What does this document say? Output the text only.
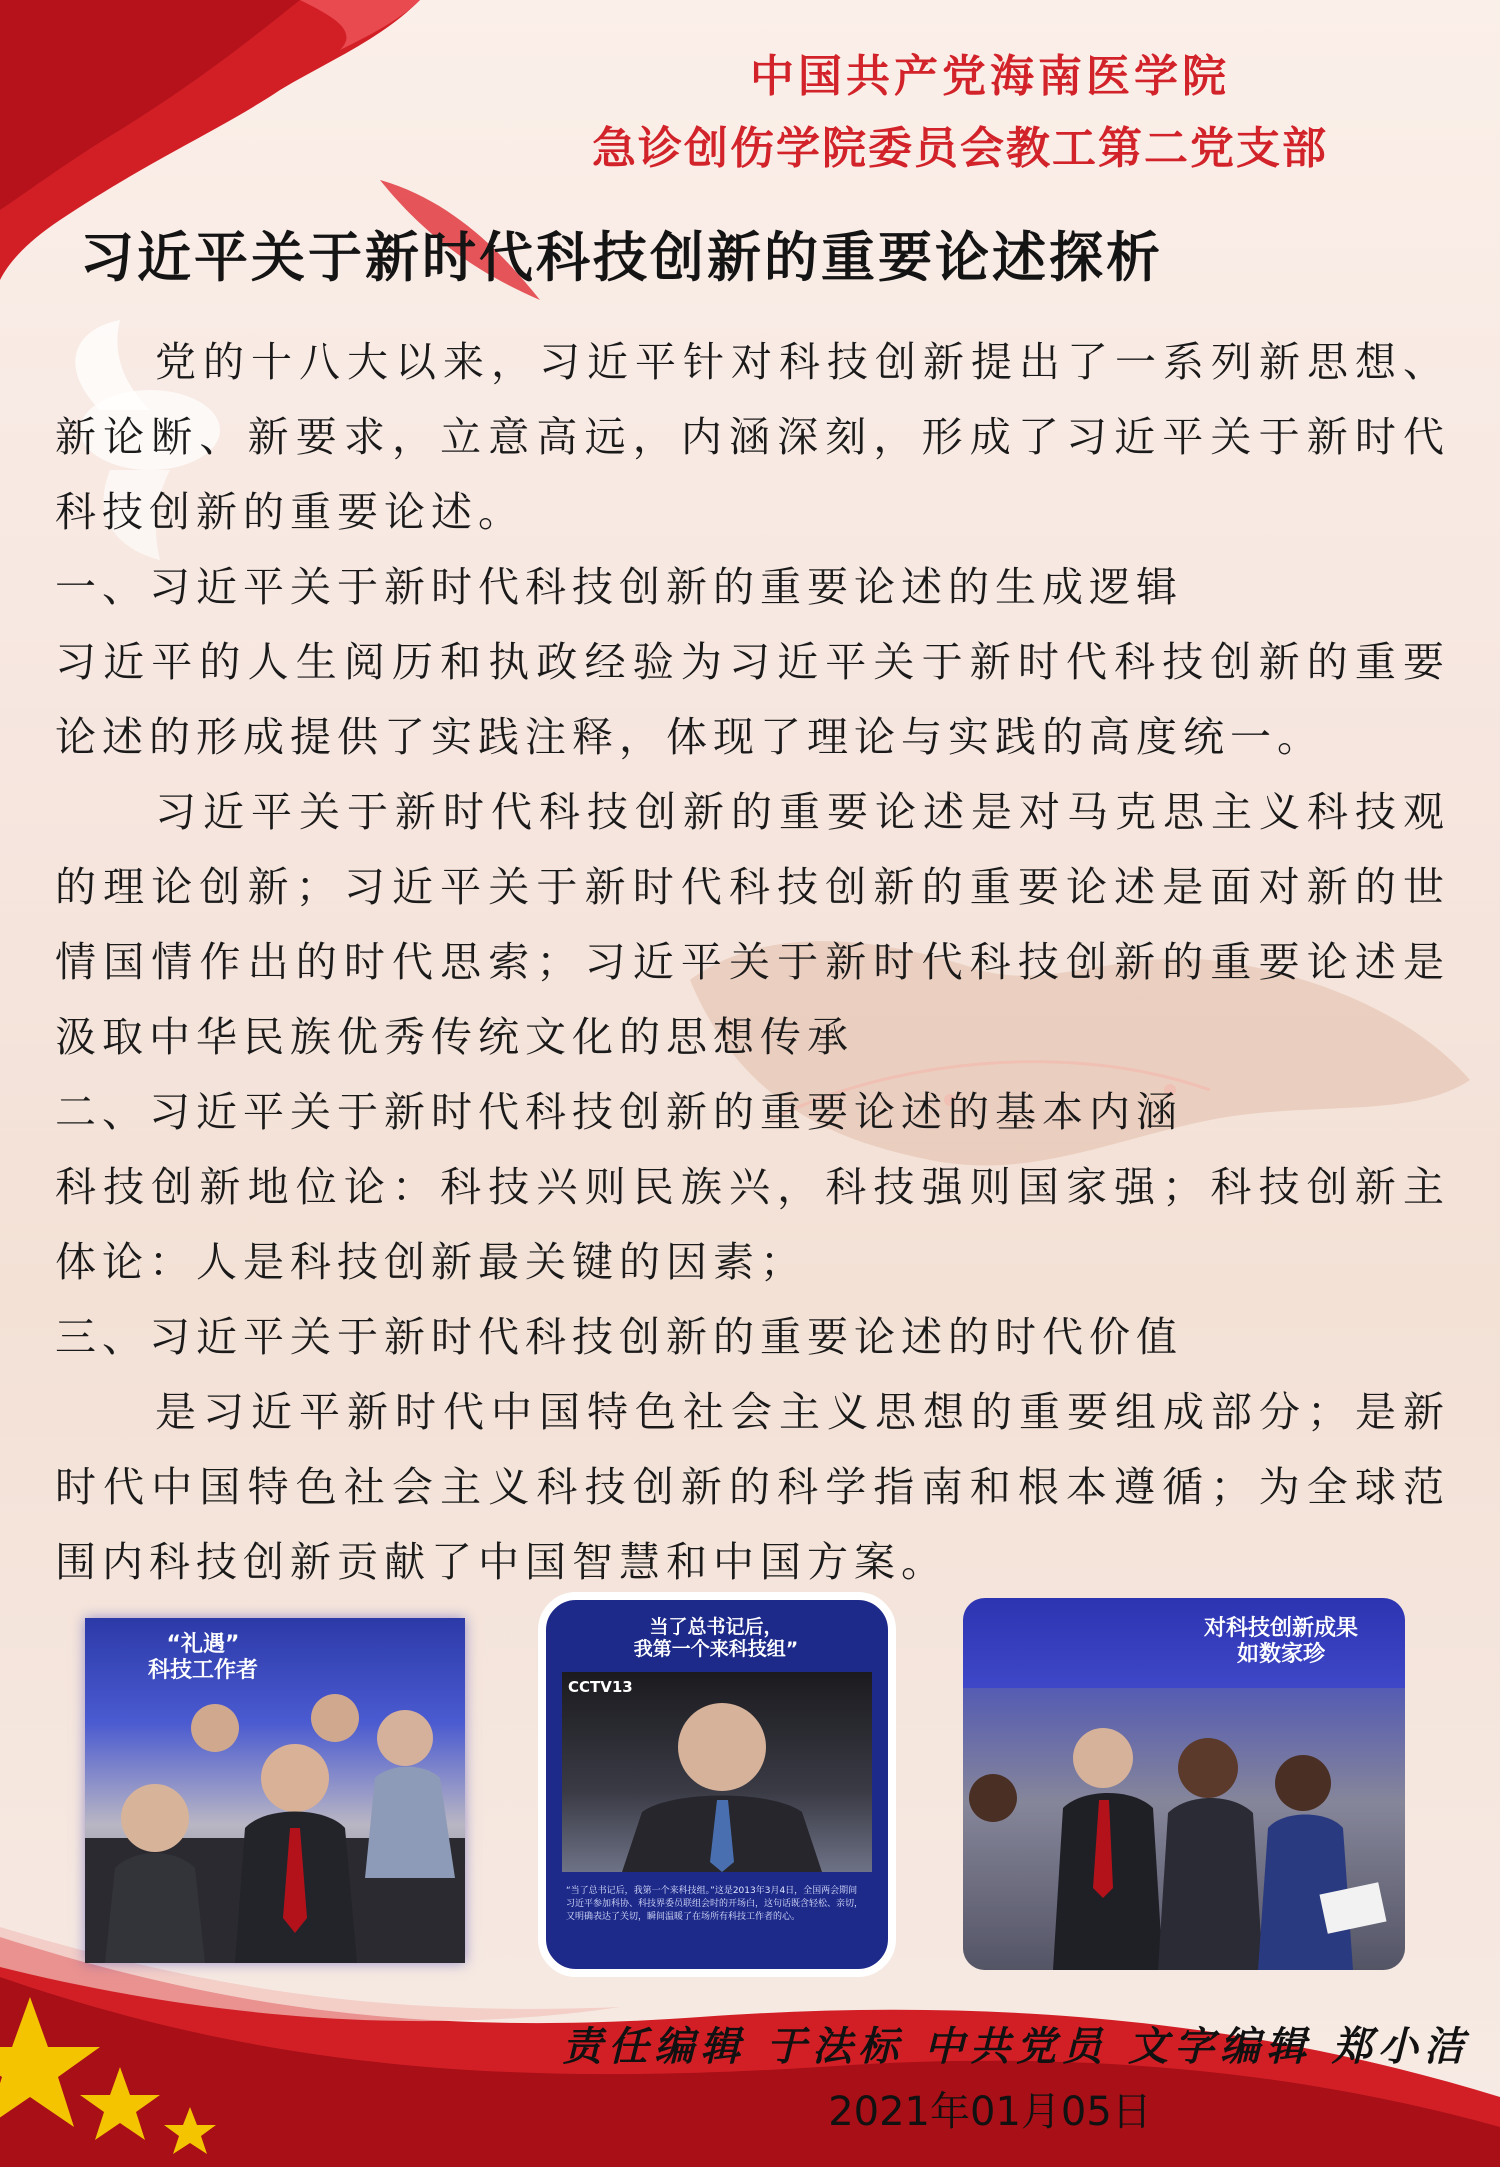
中国共产党海南医学院
急诊创伤学院委员会教工第二党支部
习近平关于新时代科技创新的重要论述探析

党的十八大以来，习近平针对科技创新提出了一系列新思想、新论断、新要求，立意高远，内涵深刻，形成了习近平关于新时代科技创新的重要论述。

一、习近平关于新时代科技创新的重要论述的生成逻辑

习近平的人生阅历和执政经验为习近平关于新时代科技创新的重要论述的形成提供了实践注释，体现了理论与实践的高度统一。

习近平关于新时代科技创新的重要论述是对马克思主义科技观的理论创新；习近平关于新时代科技创新的重要论述是面对新的世情国情作出的时代思索；习近平关于新时代科技创新的重要论述是汲取中华民族优秀传统文化的思想传承

二、习近平关于新时代科技创新的重要论述的基本内涵

科技创新地位论：科技兴则民族兴，科技强则国家强；科技创新主体论：人是科技创新最关键的因素；

三、习近平关于新时代科技创新的重要论述的时代价值

是习近平新时代中国特色社会主义思想的重要组成部分；是新时代中国特色社会主义科技创新的科学指南和根本遵循；为全球范围内科技创新贡献了中国智慧和中国方案。

“礼遇”
科技工作者
当了总书记后，
我第一个来科技组”
CCTV13
“当了总书记后，我第一个来科技组。”这是2013年3月4日，全国两会期间习近平参加科协、科技界委员联组会时的开场白，这句话既含轻松、亲切，又明确表达了关切，瞬间温暖了在场所有科技工作者的心。
对科技创新成果
如数家珍
责任编辑 于法标 中共党员 文字编辑 郑小洁
2021年01月05日
